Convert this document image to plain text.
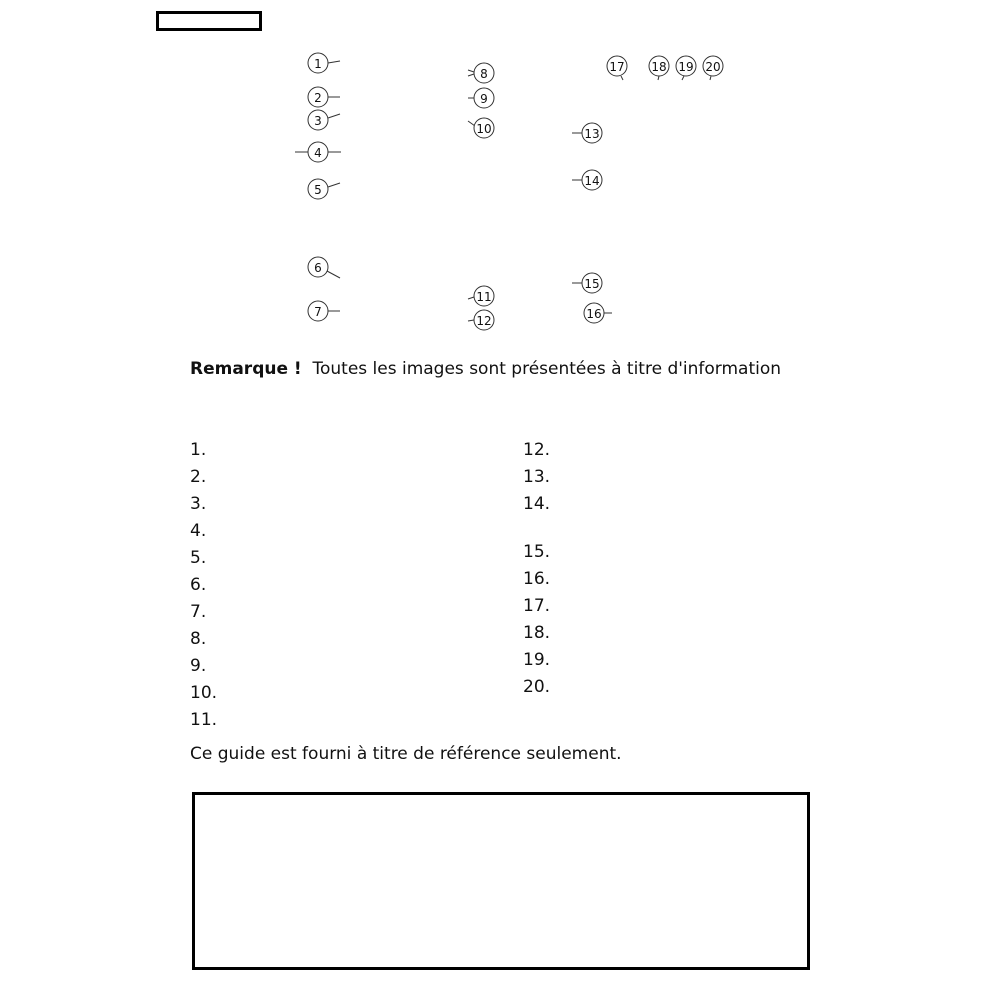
1
2
3
4
5
6
7
8
9
10
11
12
13
14
15
16
17 18 19 20
Remarque ! Toutes les images sont présentées à titre d'information
1.
2.
3.
4.
5.
6.
7.
8.
9.
10.
11.
12.
13.
14.
15.
16.
17.
18.
19.
20.
Ce guide est fourni à titre de référence seulement.
